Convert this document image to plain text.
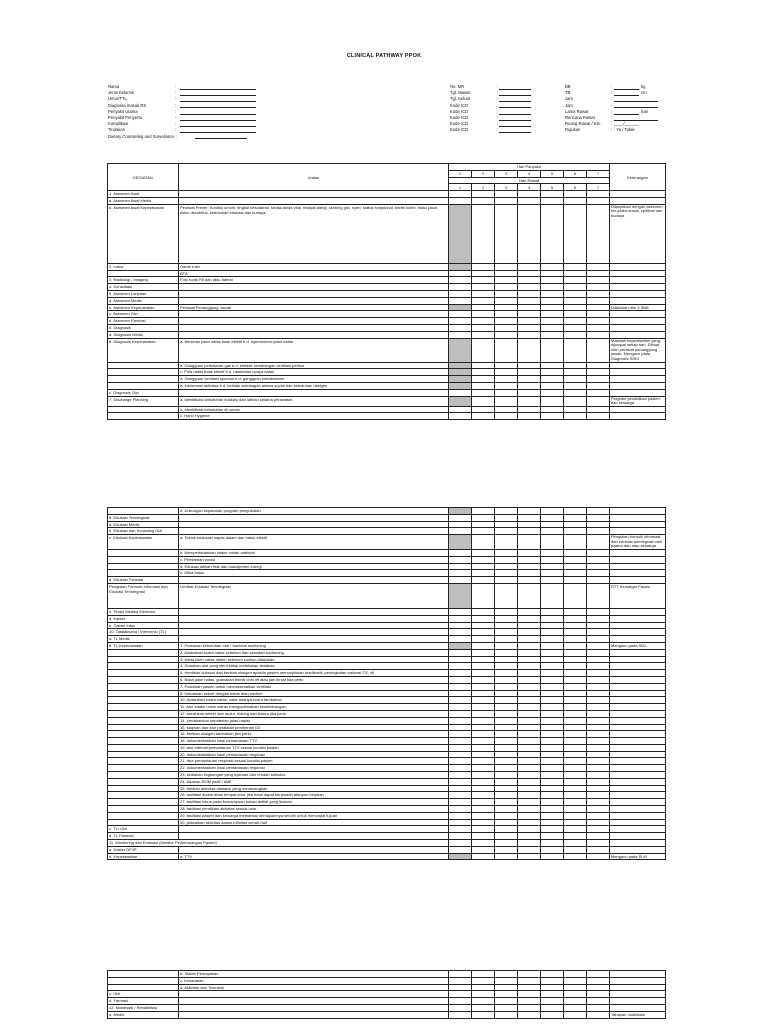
CLINICAL PATHWAY PPOK
Nama	:
Jenis Kelamin	:
Umur/TTL	:
Diagnosa masuk RS	:
Penyakit Utama	:
Penyakit Penyerta	:
Komplikasi	:
Tindakan	:
Dietary Counseling and Surveilance :
No. MR	:
Tgl. Masuk	:
Tgl. Keluar	:
Kode ICD	:
Kode ICD	:
Kode ICD	:
Kode ICD	:
Kode ICD	:
BB	:	kg
TB	:	cm
Jam	:
Jam	:
Lama Rawat	:	hari
Rencana Rawat	:
Ruang Rawat / Kls. : ____/______
Rujukan	: : Ya / Tidak
KEGIATAN	Uraian	Hari Penyakit							Keterangan
		1	2	3	4	5	6	7	
		Hari Rawat							
		1	2	3	4	5	6	7	
1. Asesmen Awal									
a. Asesmen Awal Medis									
b. Asesmen Awal Keperawatan	Perawat Primer: Kondisi umum, tingkat kesadaran, tanda-tanda vital, riwayat alergi, skrining gizi, nyeri, status fungsional: bartel index, risiko jatuh, risiko decubitus, kebutuhan edukasi dan budaya.								Dilanjutkan dengan asesmen bio-psiko-sosial, spiritual dan budaya
2. Labor	Darah rutin								
	BTA								
3. Radiologi / Imaging	Foto torak PA dan atau lateral								
4. Konsultasi									
5. Asesmen Lanjutan									
a. Asesmen Medis									
b. Asesmen Keperawatan	Perawat Penanggung Jawab								Dilakukan dlm 3 Shift
c. Asesmen Gizi									
d. Asesmen Farmasi									
6. Diagnosis									
a. Diagnosis Medis									
b. Diagnosis Keperawatan	a. Bersihan jalan nafas tidak efektif b.d. hipersekresi jalan nafas								Masalah keperawatan yang dijumpai setiap hari. Dibuat oleh perawat penanggung jawab. Mengacu pada Diagnosis SDKI
	b. Gangguan pertukaran gas b.d. ketidak seimbangan ventilasi perfusi								
	c. Pola nafas tidak efektif b.d. hambatan upaya nafas								
	d. Gangguan ventilasi spontan b.d. gangguan metabolisme								
	e. Intoleransi aktivitas b.d. ketidak seimbagan antara suplai dan kebutuhan oksigen								
c. Diagnosis Gizi									
7. Discharge Planning	a. Identifikasi kebutuhan edukasi dan latihan selama perawatan								Program pendidikan pasien dan keluarga
	b. Identifikasi kebutuhan di rumah								
	c. Hand Hygiene								
	d. Dukungan kepatuhan program pengobatan								
8. Edukasi Terintegrasi									
a. Edukasi Medis									
b. Edukasi dan Konseling Gizi									
c. Edukasi Keperawatan	a. Teknik relaksasi napas dalam dan batuk efektif								Pengisian formulir informasi dan edukasi terintegrasi oleh pasien dan atau keluarga
	b. Mempertahankan intake cairan adekuat								
	c. Pemberian posisi								
	d. Edukasi latihan fisik dan manajemen energi								
	e. Etika batuk								
d. Edukasi Farmasi									
Pengisian Formulir Informasi dan Edukasi Terintegrasi	Lembar Edukasi Terintegrasi								DTT Keluarga/ Pasien
9. Terapi Medika Mentosa									
a. Injeksi									
b. Cairan Infus									
10. Tatalaksana / Intervensi (TL)									
a. TL Medis									
b. TL Keperawatan	1. Posisikan kebutuhan oral / tracheal suctioning								Mengacu pada SIKI
	2. Auskultasi suara nafas sebelum dan sesudah suctioning								
	3. Minta klien nafas dalam sebelum suction dilakukan.								
	4. Gunakan alat yang steril sitiap melakukan tindakan								
	5. Hentikan suksion dan berikan oksigen apabila pasien menunjukkan bradikardi, peningkatan saturasi O2, dll								
	6. Buka jalan nafas, guanakan teknik chin lift atau jaw thrust bila perlu								
	7. Posisikan pasien untuk memaksimalkan ventilasi								
	8. Keluarkan sekret dengan batuk atau suction								
	10. Auskultasi suara nafas, catat adanya suara tambahan								
	11. Atur intake untuk cairan mengoptimalkan keseimbangan.								
	12. bersihkan sekret dari mulut, hidung dan trakea jika perlu								
	14. pertahankan kepatenan jalan napas								
	15. siapkan dan atur peralatan pemberian O2								
	16. berikan oksigen tambahan jika perlu								
	18. dokumentasikan hasil pemantauan TTV								
	19. atur interval pemantauan TTV sesuai kondisi pasien								
	20. dokumentasikan hasil pemantauan respirasi								
	21. Atur pemantauan respirasi sesuai kondisi pasien								
	22. dokumentasikan hasil pemantauan respirasi								
	23. sediakan lingkungan yang nyaman dan rendah stimulus								
	24. lakukan ROM pasif / aktif								
	25. berikan aktivitas distraksi yang menenangkan								
	26. fasilitasi duduk disisi tempat tidur, jika tidak dapat berpindah ataupun berjalan								
	27. fasilitasi fokus pada kemampuan bukan defisit yang dialami								
	28. fasilitasi pemilihan aktivitas sesuai usia								
	29. fasilitasi pasien dan keluarga memantau kemajuannya sendiri untuk mencapai tujuan								
	30. jadwalkan aktivitas dalam rutinitas sehari-hari								
c. TLI Gizi									
d. TL Farmasi									
11. Monitoring dan Evaluasi (Monitor Perkembangan Pasien)									
a. Dokter DPJP									
b. Keperawatan	a. TTV								Mengacu pada SLKI
	b. Status Pernapasan								
	c. Kesadaran								
	d. Aktivitas dan Toleransi								
c. Gizi									
d. Farmasi									
12. Mobilisasi / Rehabilitasi									
a. Medis									Tahapan mobilisasi
